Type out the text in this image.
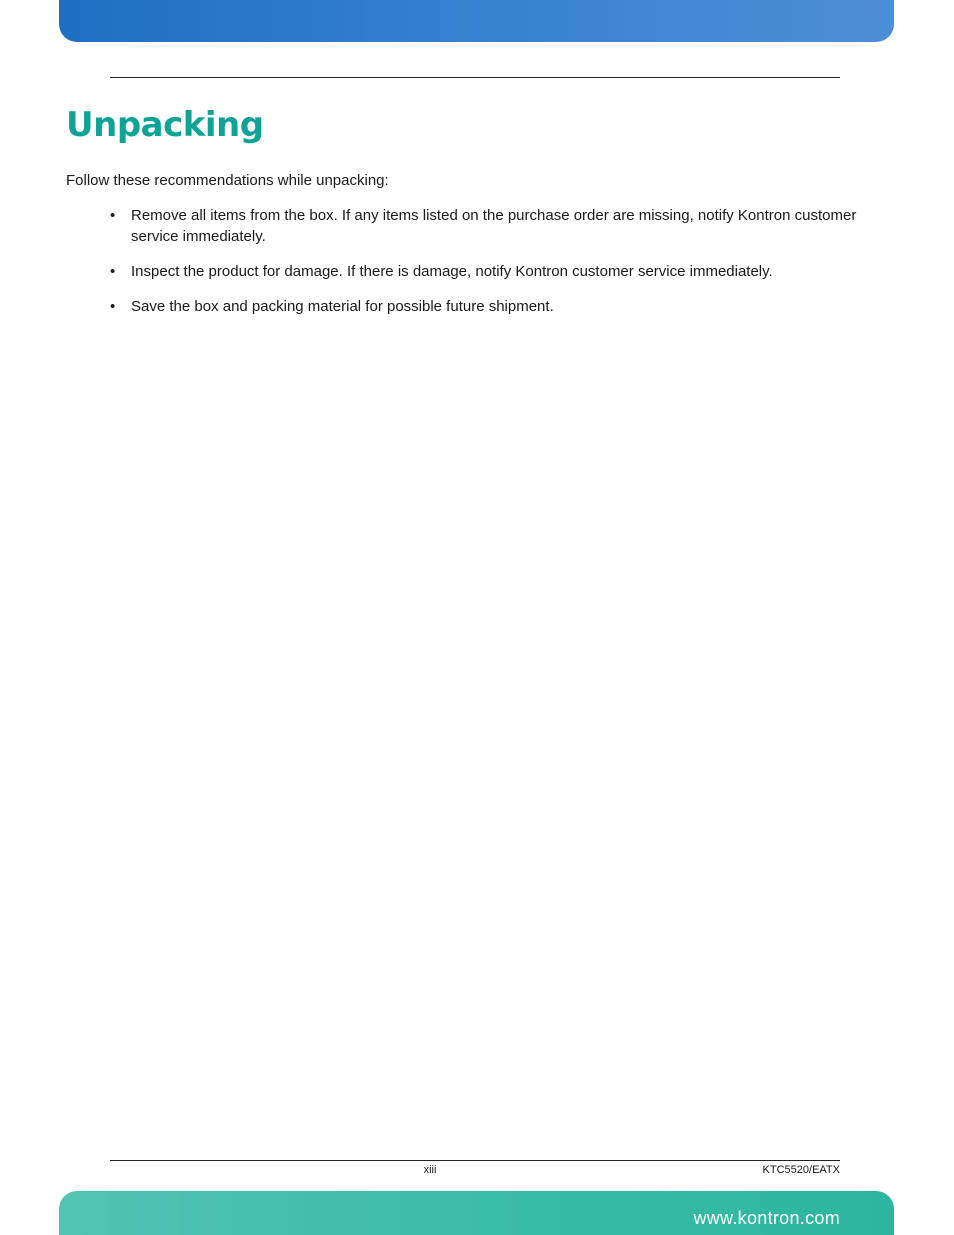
Unpacking

Follow these recommendations while unpacking:

• Remove all items from the box. If any items listed on the purchase order are missing, notify Kontron customer service immediately.
• Inspect the product for damage. If there is damage, notify Kontron customer service immediately.
• Save the box and packing material for possible future shipment.
xiii	KTC5520/EATX
www.kontron.com
